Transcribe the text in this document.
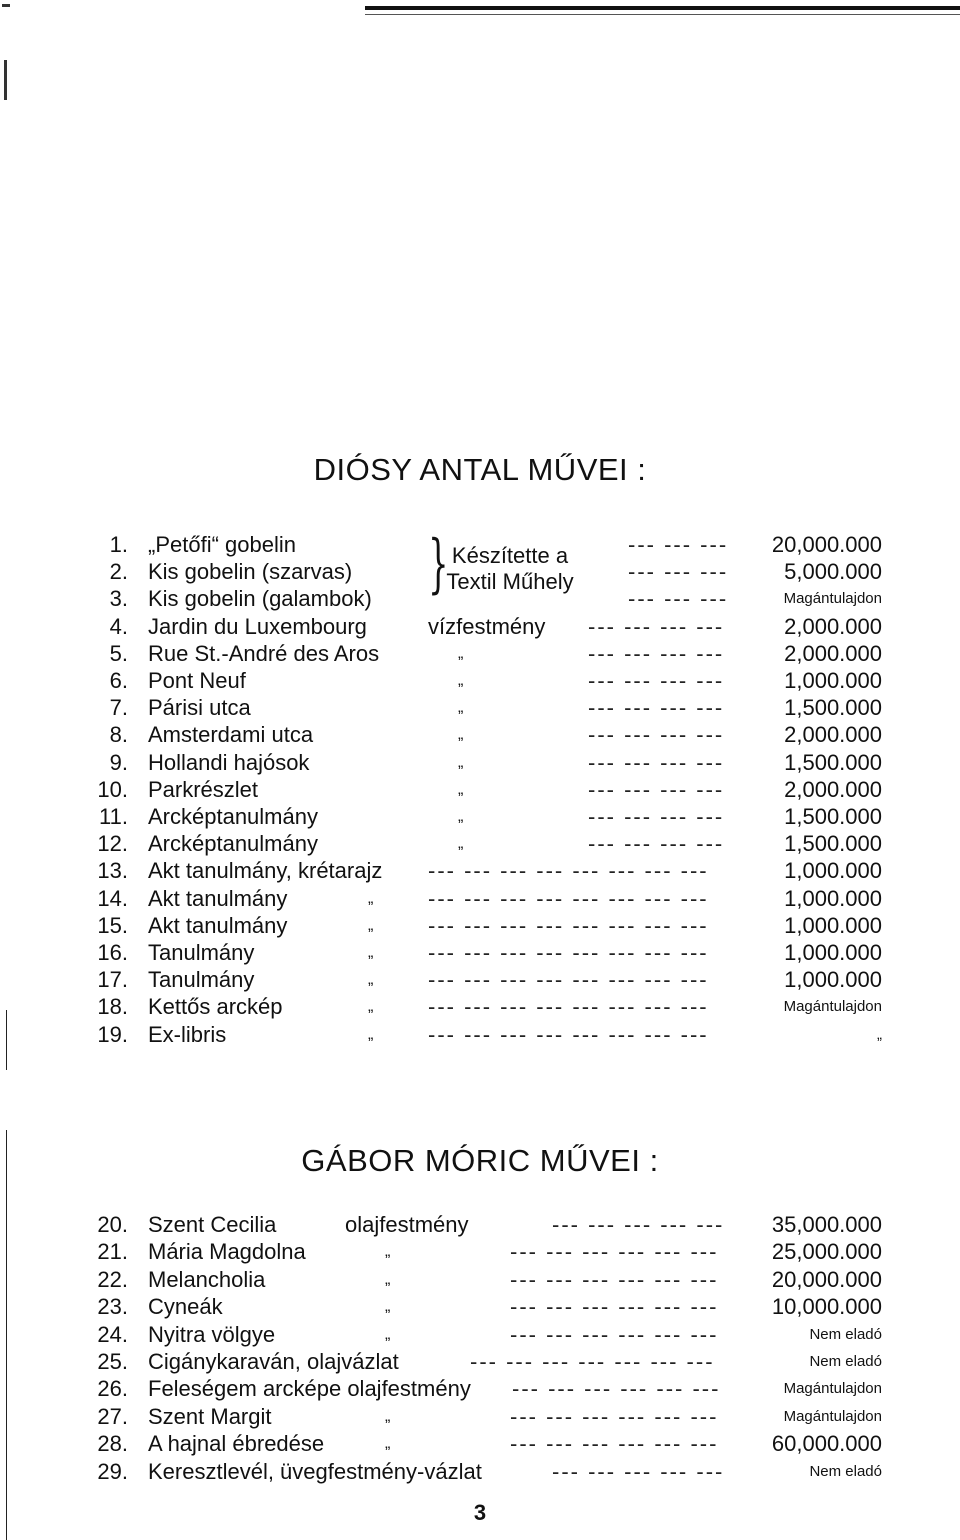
DIÓSY ANTAL MŰVEI :
1. „Petőfi“ gobelin	--- --- --- 20,000.000
2. Kis gobelin (szarvas)	--- --- ---	5,000.000
3. Kis gobelin (galambok)	--- --- ---	Magántulajdon
4. Jardin du Luxembourg	vízfestmény --- --- --- ---	2,000.000
5. Rue St.-André des Aros	„	--- --- --- ---	2,000.000
6. Pont Neuf	„	--- --- --- ---	1,000.000
7. Párisi utca	„	--- --- --- ---	1,500.000
8. Amsterdami utca	„	--- --- --- ---	2,000.000
9. Hollandi hajósok	„	--- --- --- ---	1,500.000
10. Parkrészlet	„	--- --- --- ---	2,000.000
11. Arcképtanulmány	„	--- --- --- ---	1,500.000
12. Arcképtanulmány	„	--- --- --- ---	1,500.000
13. Akt tanulmány, krétarajz --- --- --- --- --- --- --- ---	1,000.000
14. Akt tanulmány	„ --- --- --- --- --- --- --- ---	1,000.000
15. Akt tanulmány	„ --- --- --- --- --- --- --- ---	1,000.000
16. Tanulmány	„ --- --- --- --- --- --- --- ---	1,000.000
17. Tanulmány	„ --- --- --- --- --- --- --- ---	1,000.000
18. Kettős arckép	„ --- --- --- --- --- --- --- ---	Magántulajdon
19. Ex-libris	„ --- --- --- --- --- --- --- ---	„
} Készítette a
Textil Műhely
GÁBOR MÓRIC MŰVEI :
20. Szent Cecilia	olajfestmény	--- --- --- --- --- 35,000.000
21. Mária Magdolna	„	--- --- --- --- --- --- 25,000.000
22. Melancholia	„	--- --- --- --- --- --- 20,000.000
23. Cyneák	„	--- --- --- --- --- --- 10,000.000
24. Nyitra völgye	„	--- --- --- --- --- ---	Nem eladó
25. Cigánykaraván, olajvázlat	--- --- --- --- --- --- ---	Nem eladó
26. Feleségem arcképe olajfestmény --- --- --- --- --- ---	Magántulajdon
27. Szent Margit	„	--- --- --- --- --- ---	Magántulajdon
28. A hajnal ébredése	„	--- --- --- --- --- --- 60,000.000
29. Keresztlevél, üvegfestmény-vázlat	--- --- --- --- ---	Nem eladó
3
